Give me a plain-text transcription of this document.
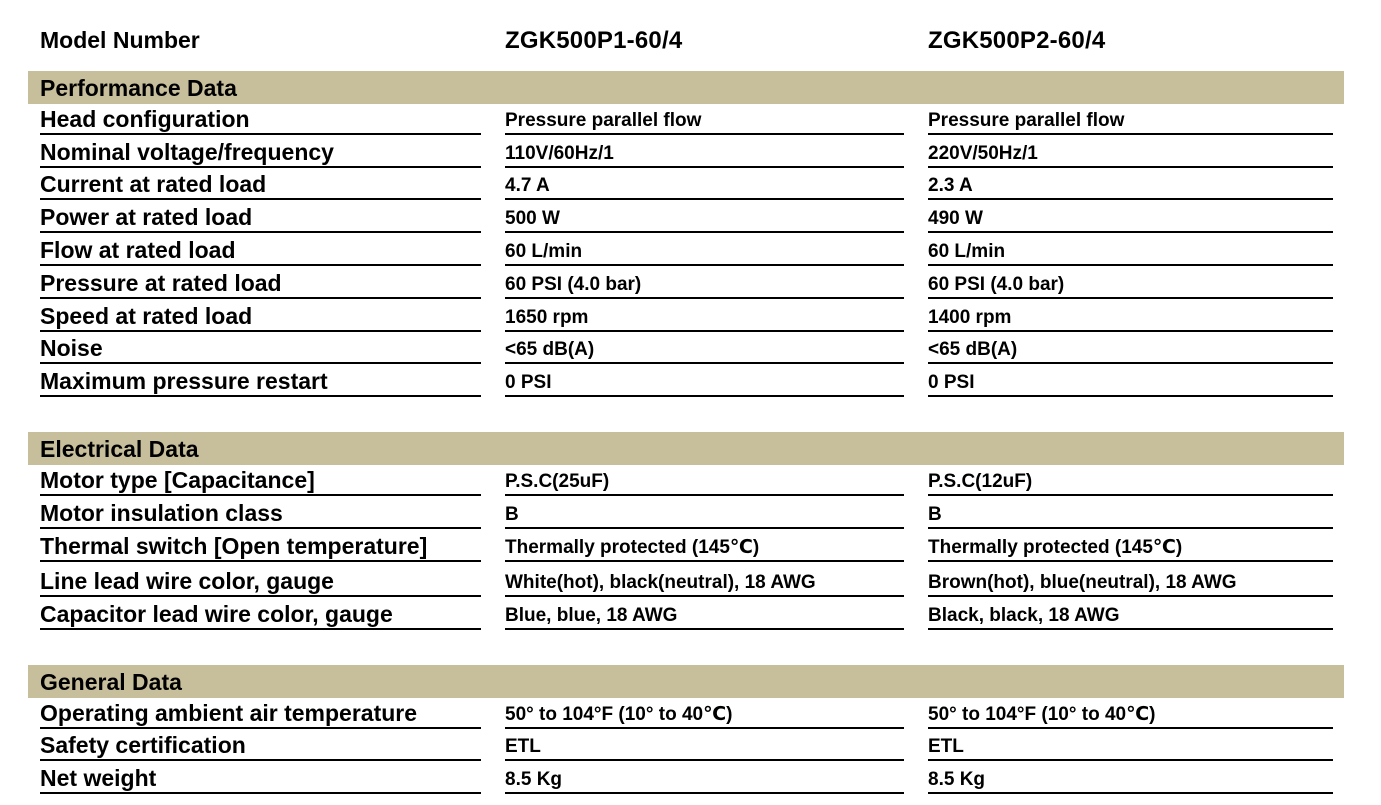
Model Number	ZGK500P1-60/4	ZGK500P2-60/4
Performance Data
Head configuration	Pressure parallel flow	Pressure parallel flow
Nominal voltage/frequency	110V/60Hz/1	220V/50Hz/1
Current at rated load	4.7 A	2.3 A
Power at rated load	500 W	490 W
Flow at rated load	60 L/min	60 L/min
Pressure at rated load	60 PSI (4.0 bar)	60 PSI (4.0 bar)
Speed at rated load	1650 rpm	1400 rpm
Noise	<65 dB(A)	<65 dB(A)
Maximum pressure restart	0 PSI	0 PSI
Electrical Data
Motor type [Capacitance]	P.S.C(25uF)	P.S.C(12uF)
Motor insulation class	B	B
Thermal switch [Open temperature]	Thermally protected (145℃)	Thermally protected (145℃)
Line lead wire color, gauge	White(hot), black(neutral), 18 AWG	Brown(hot), blue(neutral), 18 AWG
Capacitor lead wire color, gauge	Blue, blue, 18 AWG	Black, black, 18 AWG
General Data
Operating ambient air temperature	50° to 104°F (10° to 40℃)	50° to 104°F (10° to 40℃)
Safety certification	ETL	ETL
Net weight	8.5 Kg	8.5 Kg
